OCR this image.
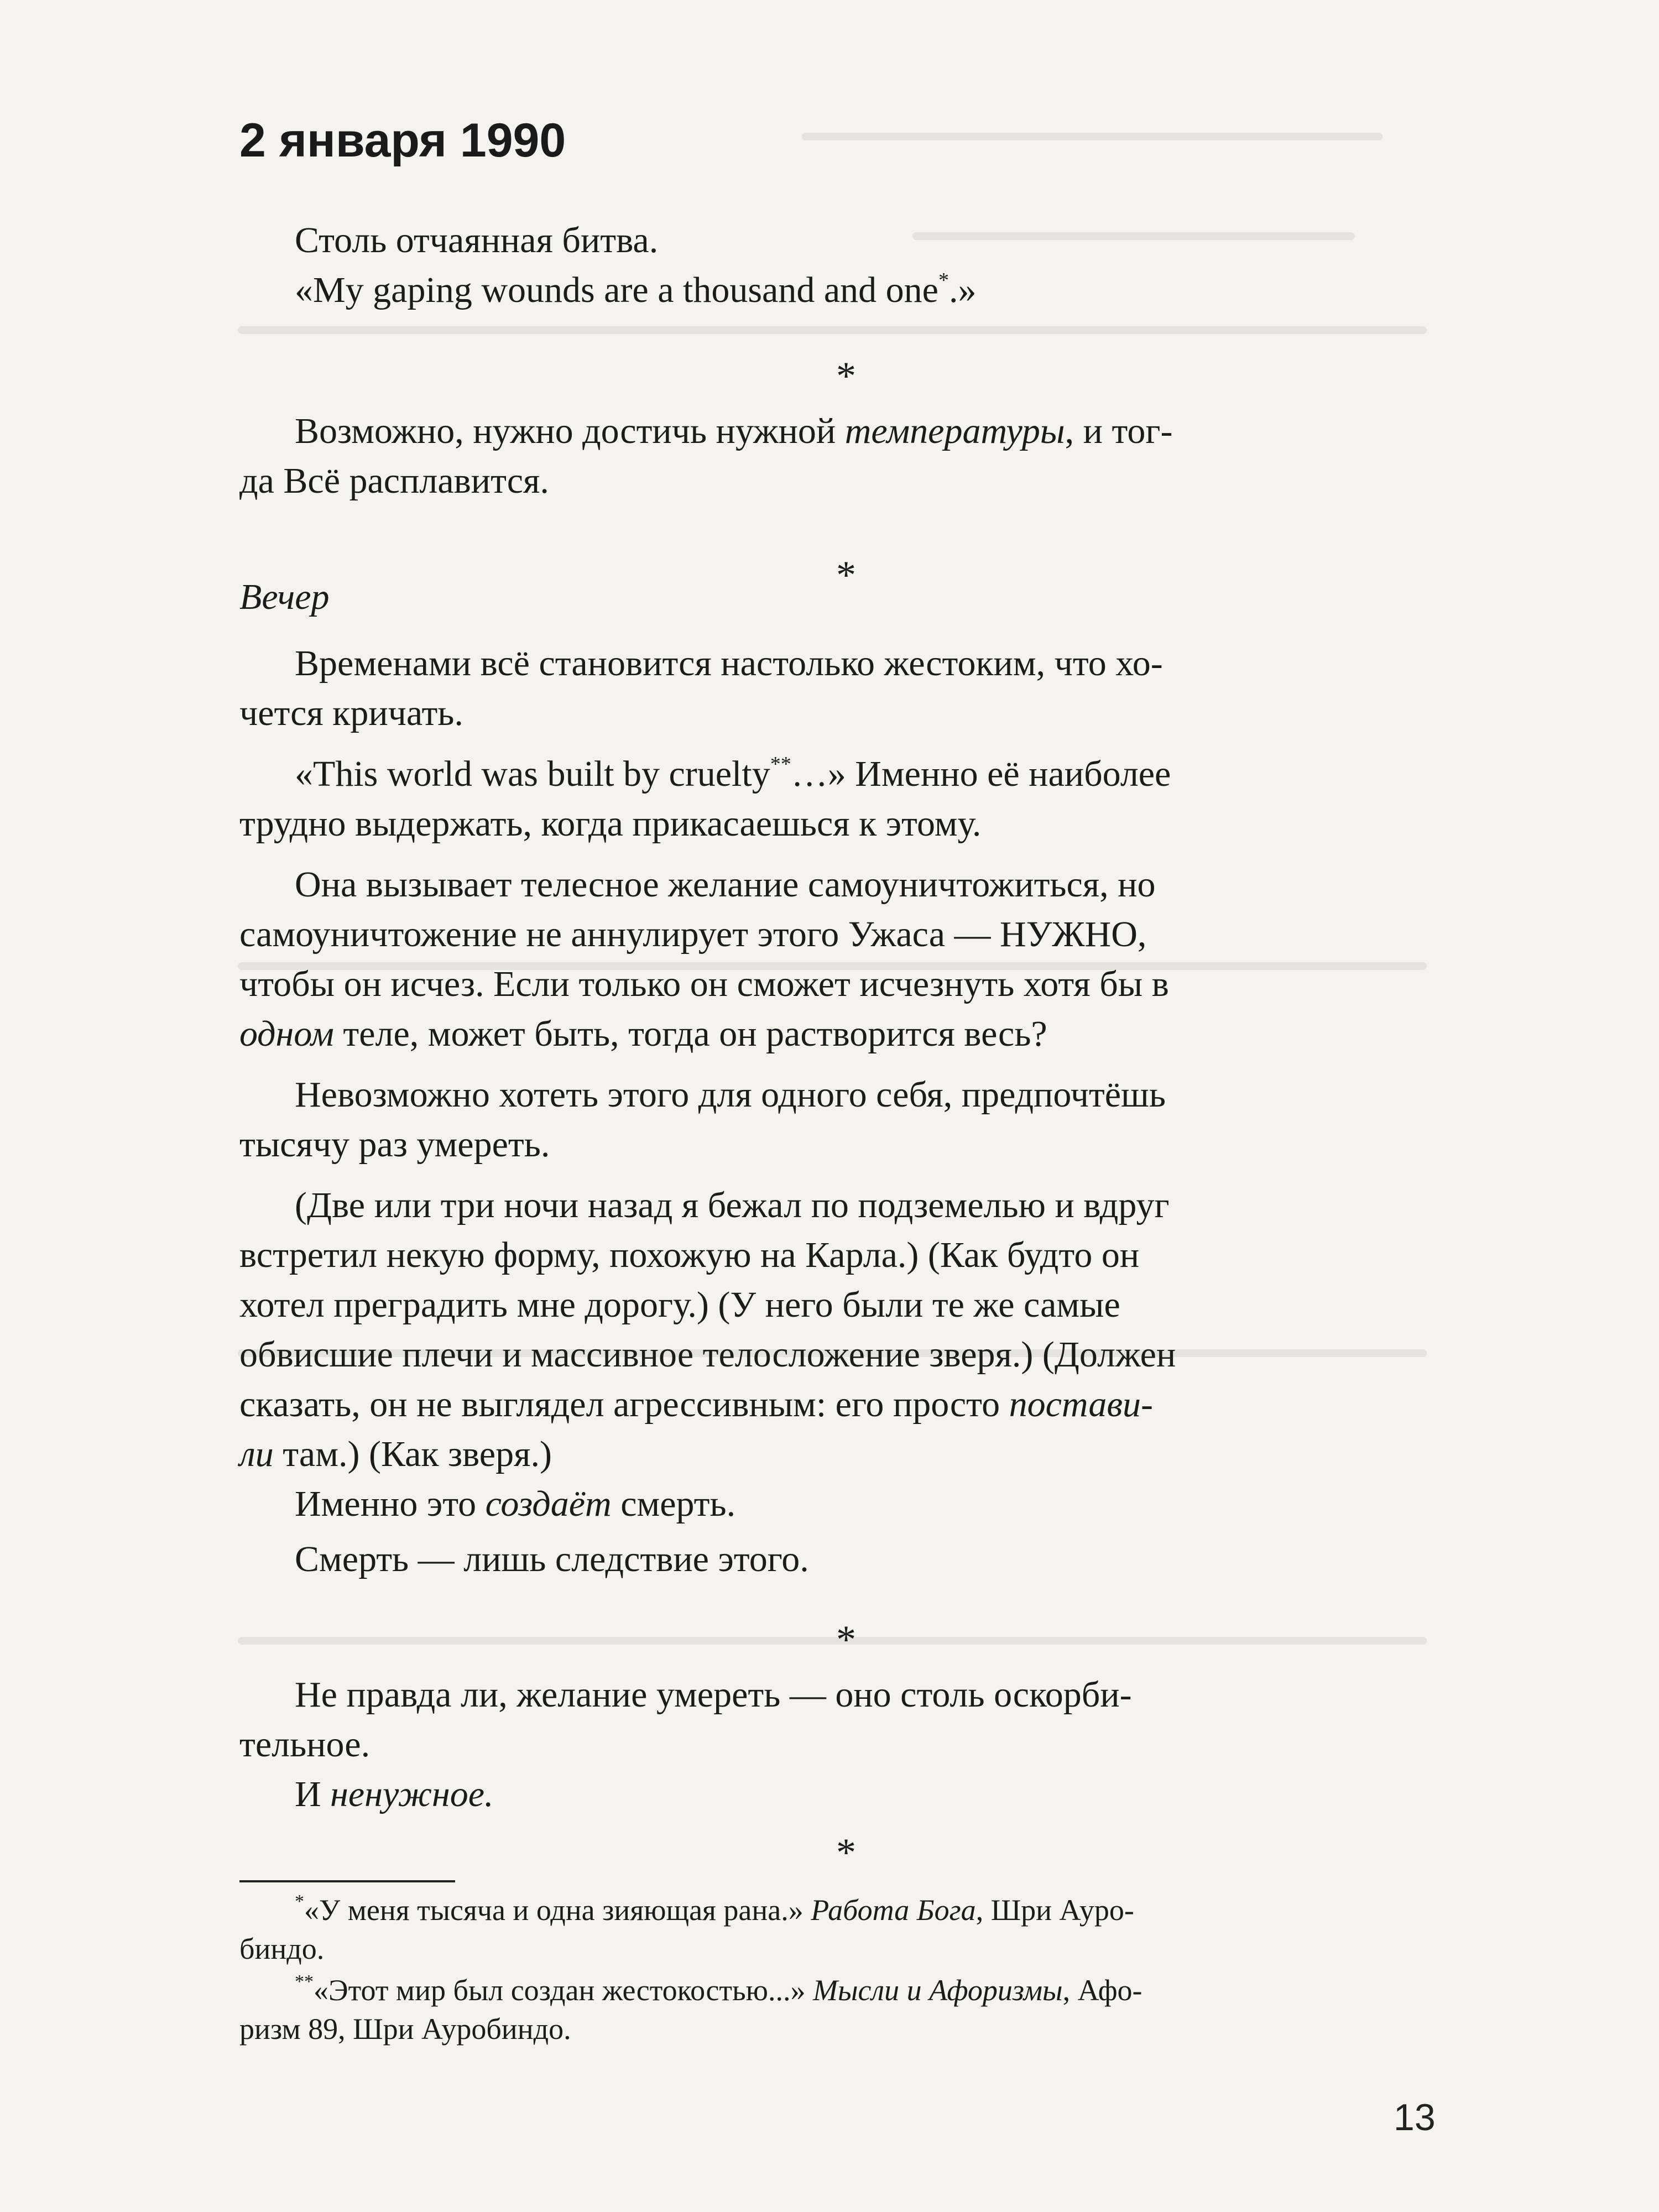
2 января 1990
Столь отчаянная битва.
«My gaping wounds are a thousand and one*.»
*
Возможно, нужно достичь нужной температуры, и тог-
да Всё расплавится.
*
Вечер
Временами всё становится настолько жестоким, что хо-
чется кричать.
«This world was built by cruelty**…» Именно её наиболее
трудно выдержать, когда прикасаешься к этому.
Она вызывает телесное желание самоуничтожиться, но
самоуничтожение не аннулирует этого Ужаса — НУЖНО,
чтобы он исчез. Если только он сможет исчезнуть хотя бы в
одном теле, может быть, тогда он растворится весь?
Невозможно хотеть этого для одного себя, предпочтёшь
тысячу раз умереть.
(Две или три ночи назад я бежал по подземелью и вдруг
встретил некую форму, похожую на Карла.) (Как будто он
хотел преградить мне дорогу.) (У него были те же самые
обвисшие плечи и массивное телосложение зверя.) (Должен
сказать, он не выглядел агрессивным: его просто постави-
ли там.) (Как зверя.)
Именно это создаёт смерть.
Смерть — лишь следствие этого.
*
Не правда ли, желание умереть — оно столь оскорби-
тельное.
И ненужное.
*
*«У меня тысяча и одна зияющая рана.» Работа Бога, Шри Ауро-
биндо.
**«Этот мир был создан жестокостью...» Мысли и Афоризмы, Афо-
ризм 89, Шри Ауробиндо.
13
